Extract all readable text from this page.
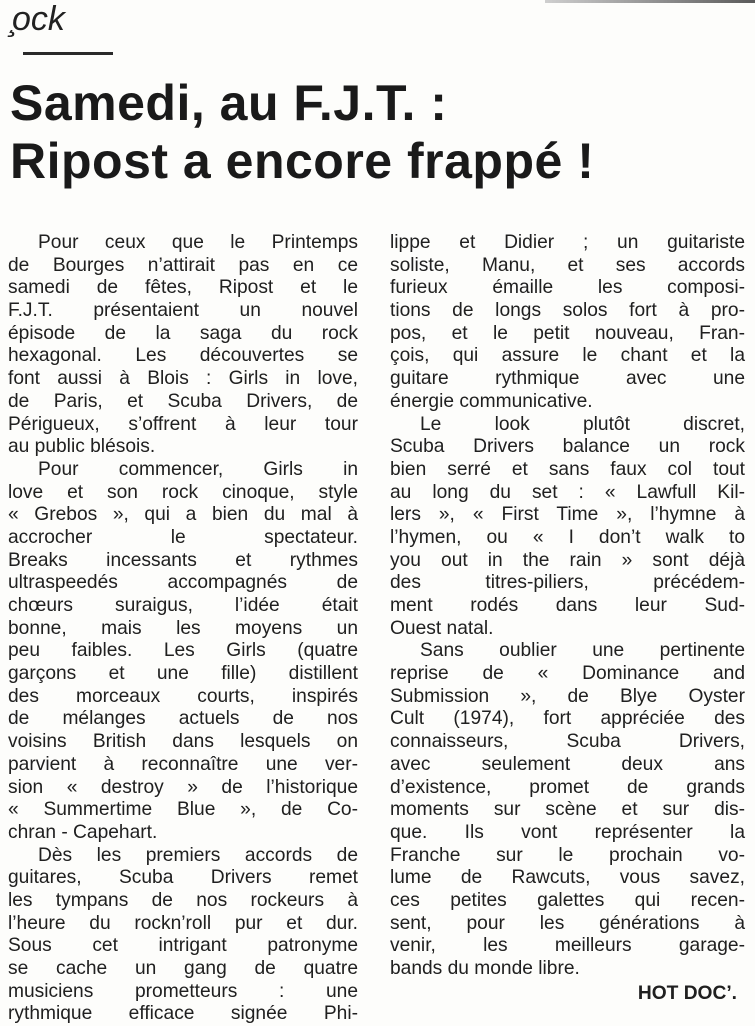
̧ock
Samedi, au F.J.T. :
Ripost a encore frappé !
Pour ceux que le Printemps
de Bourges n’attirait pas en ce
samedi de fêtes, Ripost et le
F.J.T. présentaient un nouvel
épisode de la saga du rock
hexagonal. Les découvertes se
font aussi à Blois : Girls in love,
de Paris, et Scuba Drivers, de
Périgueux, s’offrent à leur tour
au public blésois.
Pour commencer, Girls in
love et son rock cinoque, style
« Grebos », qui a bien du mal à
accrocher le spectateur.
Breaks incessants et rythmes
ultraspeedés accompagnés de
chœurs suraigus, l’idée était
bonne, mais les moyens un
peu faibles. Les Girls (quatre
garçons et une fille) distillent
des morceaux courts, inspirés
de mélanges actuels de nos
voisins British dans lesquels on
parvient à reconnaître une ver-
sion « destroy » de l’historique
« Summertime Blue », de Co-
chran - Capehart.
Dès les premiers accords de
guitares, Scuba Drivers remet
les tympans de nos rockeurs à
l’heure du rockn’roll pur et dur.
Sous cet intrigant patronyme
se cache un gang de quatre
musiciens prometteurs : une
rythmique efficace signée Phi-
lippe et Didier ; un guitariste
soliste, Manu, et ses accords
furieux émaille les composi-
tions de longs solos fort à pro-
pos, et le petit nouveau, Fran-
çois, qui assure le chant et la
guitare rythmique avec une
énergie communicative.
Le look plutôt discret,
Scuba Drivers balance un rock
bien serré et sans faux col tout
au long du set : « Lawfull Kil-
lers », « First Time », l’hymne à
l’hymen, ou « I don’t walk to
you out in the rain » sont déjà
des titres-piliers, précédem-
ment rodés dans leur Sud-
Ouest natal.
Sans oublier une pertinente
reprise de « Dominance and
Submission », de Blye Oyster
Cult (1974), fort appréciée des
connaisseurs, Scuba Drivers,
avec seulement deux ans
d’existence, promet de grands
moments sur scène et sur dis-
que. Ils vont représenter la
Franche sur le prochain vo-
lume de Rawcuts, vous savez,
ces petites galettes qui recen-
sent, pour les générations à
venir, les meilleurs garage-
bands du monde libre.
HOT DOC’.
